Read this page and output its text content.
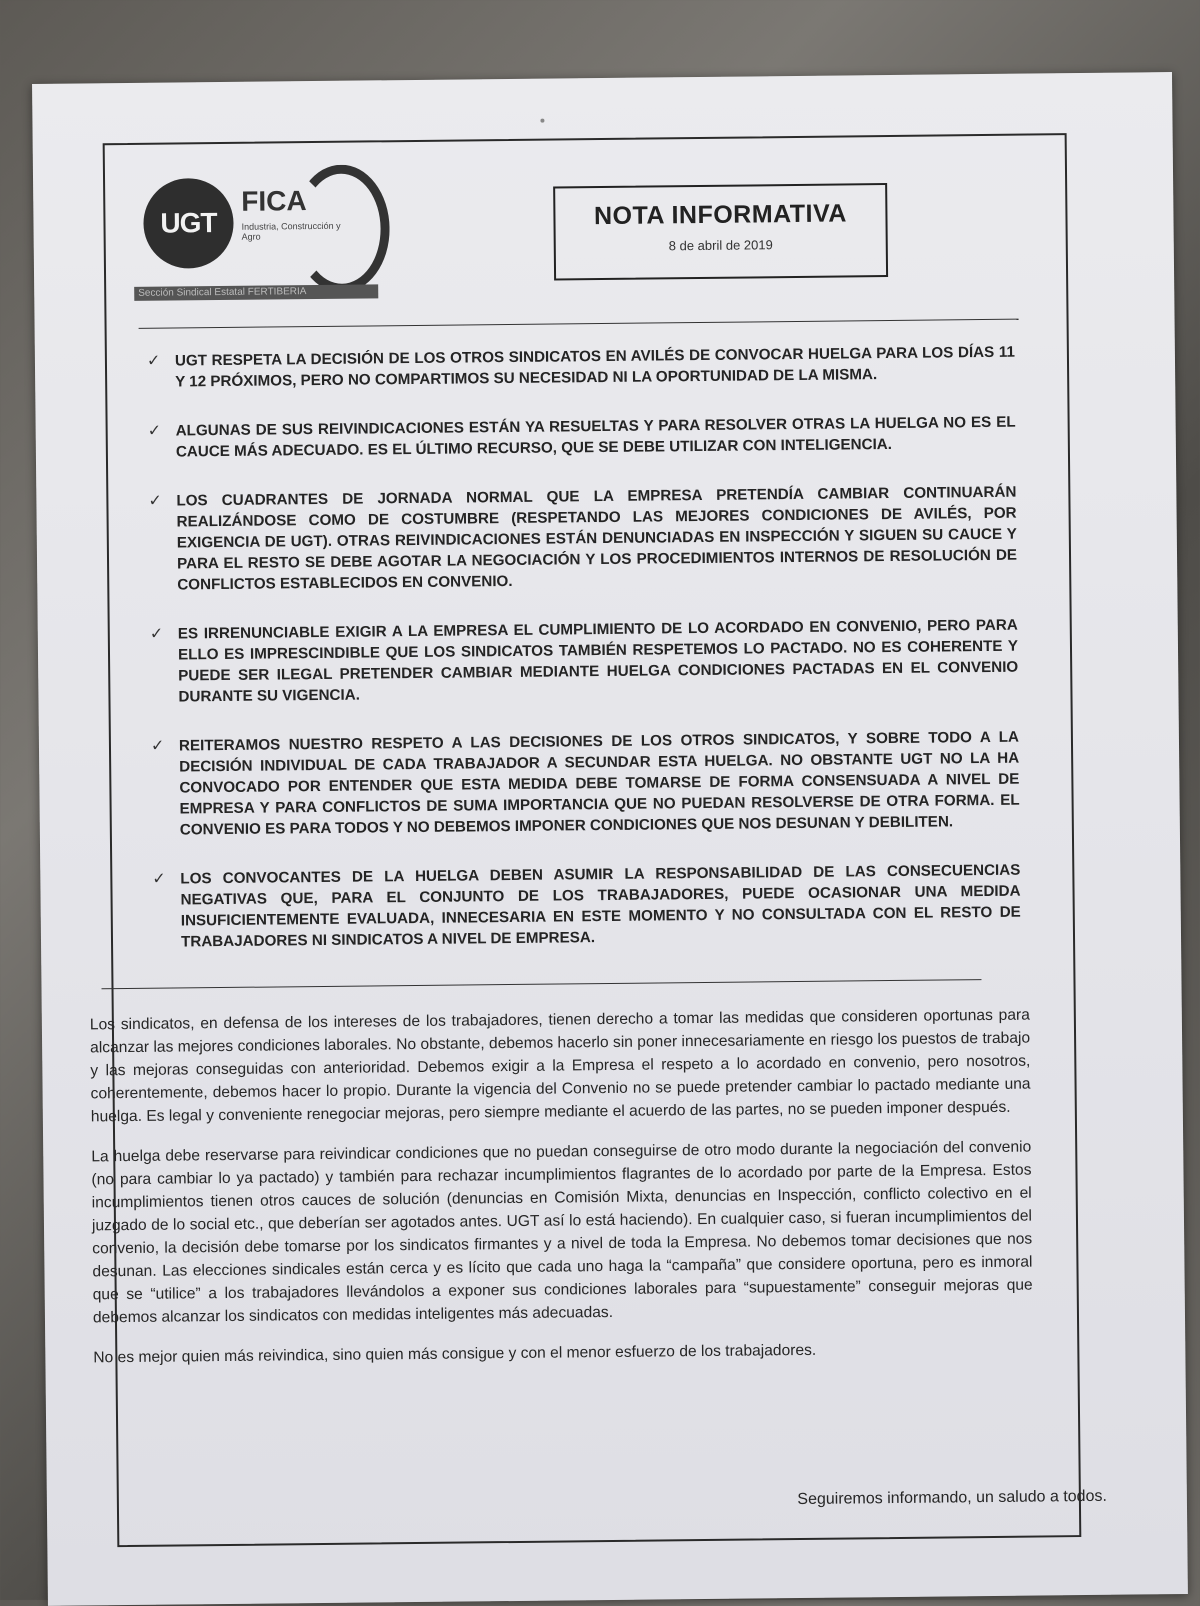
UGT
FICA
Industria, Construcción y Agro
Sección Sindical Estatal FERTIBERIA
NOTA INFORMATIVA
8 de abril de 2019
✓ UGT RESPETA LA DECISIÓN DE LOS OTROS SINDICATOS EN AVILÉS DE CONVOCAR HUELGA PARA LOS DÍAS 11 Y 12 PRÓXIMOS, PERO NO COMPARTIMOS SU NECESIDAD NI LA OPORTUNIDAD DE LA MISMA.
✓ ALGUNAS DE SUS REIVINDICACIONES ESTÁN YA RESUELTAS Y PARA RESOLVER OTRAS LA HUELGA NO ES EL CAUCE MÁS ADECUADO. ES EL ÚLTIMO RECURSO, QUE SE DEBE UTILIZAR CON INTELIGENCIA.
✓ LOS CUADRANTES DE JORNADA NORMAL QUE LA EMPRESA PRETENDÍA CAMBIAR CONTINUARÁN REALIZÁNDOSE COMO DE COSTUMBRE (RESPETANDO LAS MEJORES CONDICIONES DE AVILÉS, POR EXIGENCIA DE UGT). OTRAS REIVINDICACIONES ESTÁN DENUNCIADAS EN INSPECCIÓN Y SIGUEN SU CAUCE Y PARA EL RESTO SE DEBE AGOTAR LA NEGOCIACIÓN Y LOS PROCEDIMIENTOS INTERNOS DE RESOLUCIÓN DE CONFLICTOS ESTABLECIDOS EN CONVENIO.
✓ ES IRRENUNCIABLE EXIGIR A LA EMPRESA EL CUMPLIMIENTO DE LO ACORDADO EN CONVENIO, PERO PARA ELLO ES IMPRESCINDIBLE QUE LOS SINDICATOS TAMBIÉN RESPETEMOS LO PACTADO. NO ES COHERENTE Y PUEDE SER ILEGAL PRETENDER CAMBIAR MEDIANTE HUELGA CONDICIONES PACTADAS EN EL CONVENIO DURANTE SU VIGENCIA.
✓ REITERAMOS NUESTRO RESPETO A LAS DECISIONES DE LOS OTROS SINDICATOS, Y SOBRE TODO A LA DECISIÓN INDIVIDUAL DE CADA TRABAJADOR A SECUNDAR ESTA HUELGA. NO OBSTANTE UGT NO LA HA CONVOCADO POR ENTENDER QUE ESTA MEDIDA DEBE TOMARSE DE FORMA CONSENSUADA A NIVEL DE EMPRESA Y PARA CONFLICTOS DE SUMA IMPORTANCIA QUE NO PUEDAN RESOLVERSE DE OTRA FORMA. EL CONVENIO ES PARA TODOS Y NO DEBEMOS IMPONER CONDICIONES QUE NOS DESUNAN Y DEBILITEN.
✓ LOS CONVOCANTES DE LA HUELGA DEBEN ASUMIR LA RESPONSABILIDAD DE LAS CONSECUENCIAS NEGATIVAS QUE, PARA EL CONJUNTO DE LOS TRABAJADORES, PUEDE OCASIONAR UNA MEDIDA INSUFICIENTEMENTE EVALUADA, INNECESARIA EN ESTE MOMENTO Y NO CONSULTADA CON EL RESTO DE TRABAJADORES NI SINDICATOS A NIVEL DE EMPRESA.

Los sindicatos, en defensa de los intereses de los trabajadores, tienen derecho a tomar las medidas que consideren oportunas para alcanzar las mejores condiciones laborales. No obstante, debemos hacerlo sin poner innecesariamente en riesgo los puestos de trabajo y las mejoras conseguidas con anterioridad. Debemos exigir a la Empresa el respeto a lo acordado en convenio, pero nosotros, coherentemente, debemos hacer lo propio. Durante la vigencia del Convenio no se puede pretender cambiar lo pactado mediante una huelga. Es legal y conveniente renegociar mejoras, pero siempre mediante el acuerdo de las partes, no se pueden imponer después.

La huelga debe reservarse para reivindicar condiciones que no puedan conseguirse de otro modo durante la negociación del convenio (no para cambiar lo ya pactado) y también para rechazar incumplimientos flagrantes de lo acordado por parte de la Empresa. Estos incumplimientos tienen otros cauces de solución (denuncias en Comisión Mixta, denuncias en Inspección, conflicto colectivo en el juzgado de lo social etc., que deberían ser agotados antes. UGT así lo está haciendo). En cualquier caso, si fueran incumplimientos del convenio, la decisión debe tomarse por los sindicatos firmantes y a nivel de toda la Empresa. No debemos tomar decisiones que nos desunan. Las elecciones sindicales están cerca y es lícito que cada uno haga la “campaña” que considere oportuna, pero es inmoral que se “utilice” a los trabajadores llevándolos a exponer sus condiciones laborales para “supuestamente” conseguir mejoras que debemos alcanzar los sindicatos con medidas inteligentes más adecuadas.

No es mejor quien más reivindica, sino quien más consigue y con el menor esfuerzo de los trabajadores.

Seguiremos informando, un saludo a todos.
